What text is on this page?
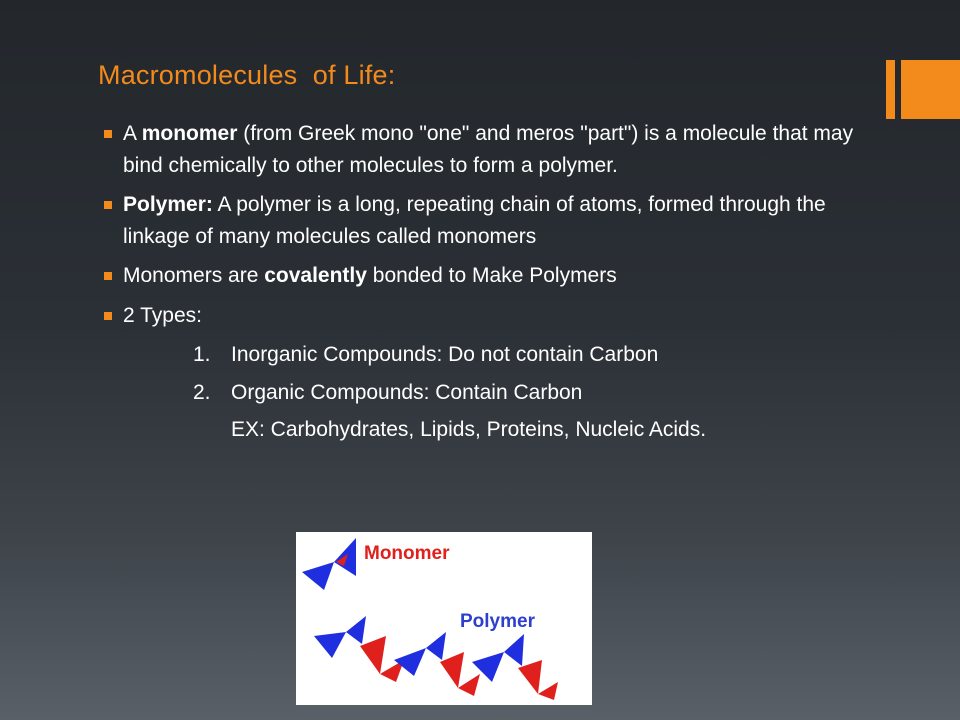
Macromolecules  of Life:
A monomer (from Greek mono "one" and meros "part") is a molecule that may bind chemically to other molecules to form a polymer.
Polymer: A polymer is a long, repeating chain of atoms, formed through the linkage of many molecules called monomers
Monomers are covalently bonded to Make Polymers
2 Types:
1. Inorganic Compounds: Do not contain Carbon
2. Organic Compounds: Contain Carbon
EX: Carbohydrates, Lipids, Proteins, Nucleic Acids.
Monomer
Polymer
